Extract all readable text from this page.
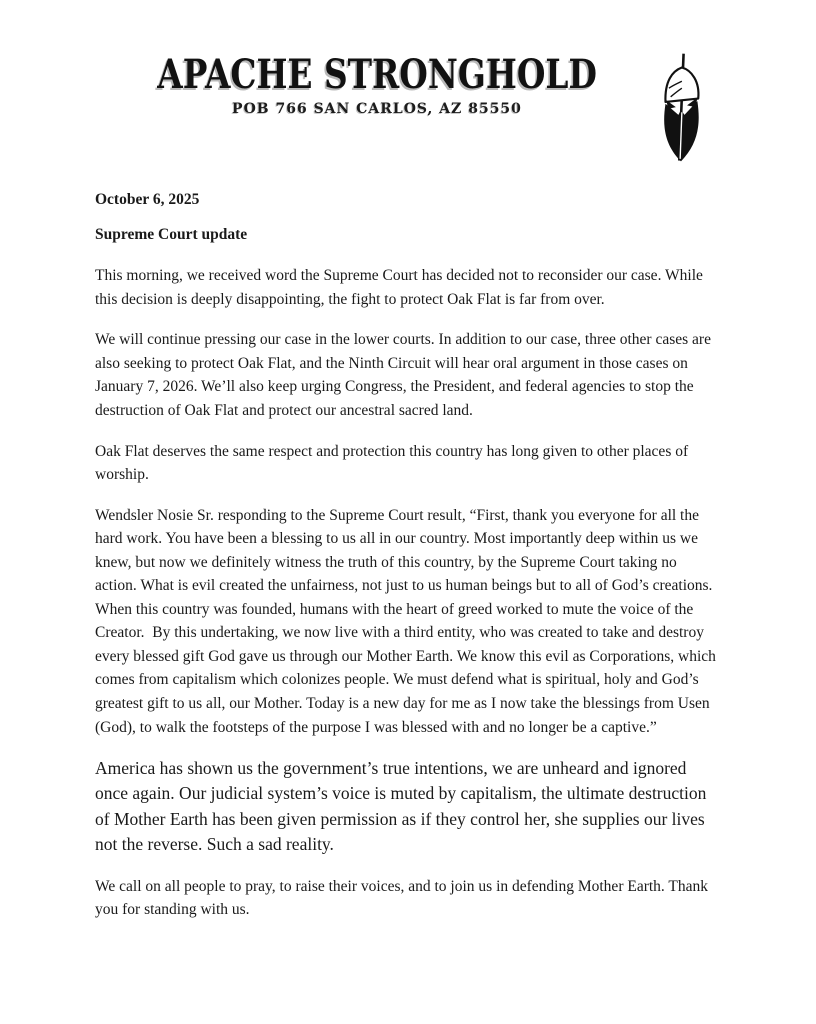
APACHE STRONGHOLD
POB 766 SAN CARLOS, AZ 85550
October 6, 2025
Supreme Court update

This morning, we received word the Supreme Court has decided not to reconsider our case. While this decision is deeply disappointing, the fight to protect Oak Flat is far from over.

We will continue pressing our case in the lower courts. In addition to our case, three other cases are also seeking to protect Oak Flat, and the Ninth Circuit will hear oral argument in those cases on January 7, 2026. We’ll also keep urging Congress, the President, and federal agencies to stop the destruction of Oak Flat and protect our ancestral sacred land.

Oak Flat deserves the same respect and protection this country has long given to other places of worship.

Wendsler Nosie Sr. responding to the Supreme Court result, “First, thank you everyone for all the hard work. You have been a blessing to us all in our country. Most importantly deep within us we knew, but now we definitely witness the truth of this country, by the Supreme Court taking no action. What is evil created the unfairness, not just to us human beings but to all of God’s creations. When this country was founded, humans with the heart of greed worked to mute the voice of the Creator.  By this undertaking, we now live with a third entity, who was created to take and destroy every blessed gift God gave us through our Mother Earth. We know this evil as Corporations, which comes from capitalism which colonizes people. We must defend what is spiritual, holy and God’s greatest gift to us all, our Mother. Today is a new day for me as I now take the blessings from Usen (God), to walk the footsteps of the purpose I was blessed with and no longer be a captive.”

America has shown us the government’s true intentions, we are unheard and ignored once again. Our judicial system’s voice is muted by capitalism, the ultimate destruction of Mother Earth has been given permission as if they control her, she supplies our lives not the reverse. Such a sad reality.

We call on all people to pray, to raise their voices, and to join us in defending Mother Earth. Thank you for standing with us.
